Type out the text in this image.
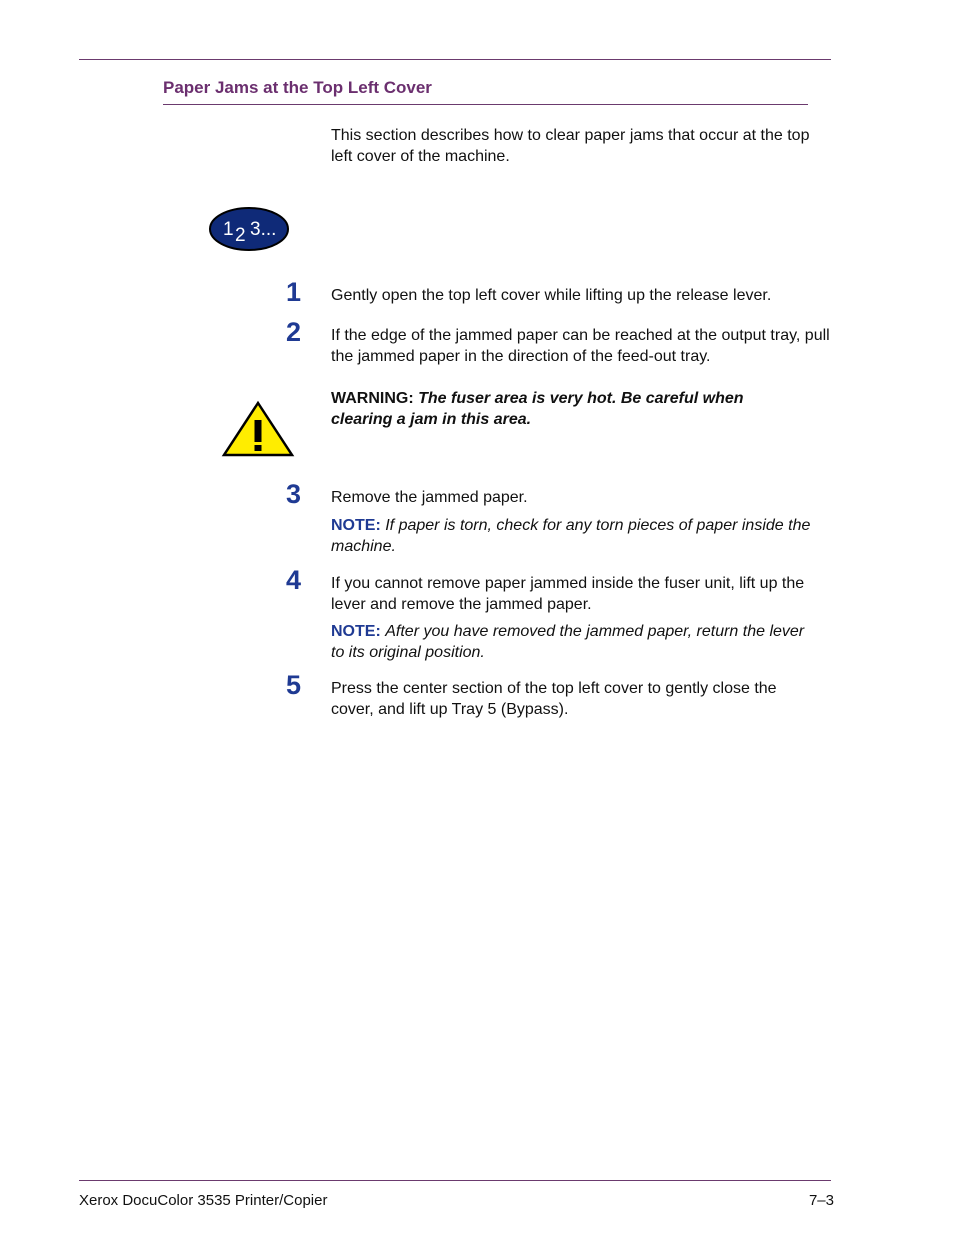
Paper Jams at the Top Left Cover
This section describes how to clear paper jams that occur at the top left cover of the machine.
1 2 3...
1 Gently open the top left cover while lifting up the release lever.
2 If the edge of the jammed paper can be reached at the output tray, pull the jammed paper in the direction of the feed-out tray.
WARNING: The fuser area is very hot. Be careful when clearing a jam in this area.
3 Remove the jammed paper.
NOTE: If paper is torn, check for any torn pieces of paper inside the machine.
4 If you cannot remove paper jammed inside the fuser unit, lift up the lever and remove the jammed paper.
NOTE: After you have removed the jammed paper, return the lever to its original position.
5 Press the center section of the top left cover to gently close the cover, and lift up Tray 5 (Bypass).
Xerox DocuColor 3535 Printer/Copier	7–3
